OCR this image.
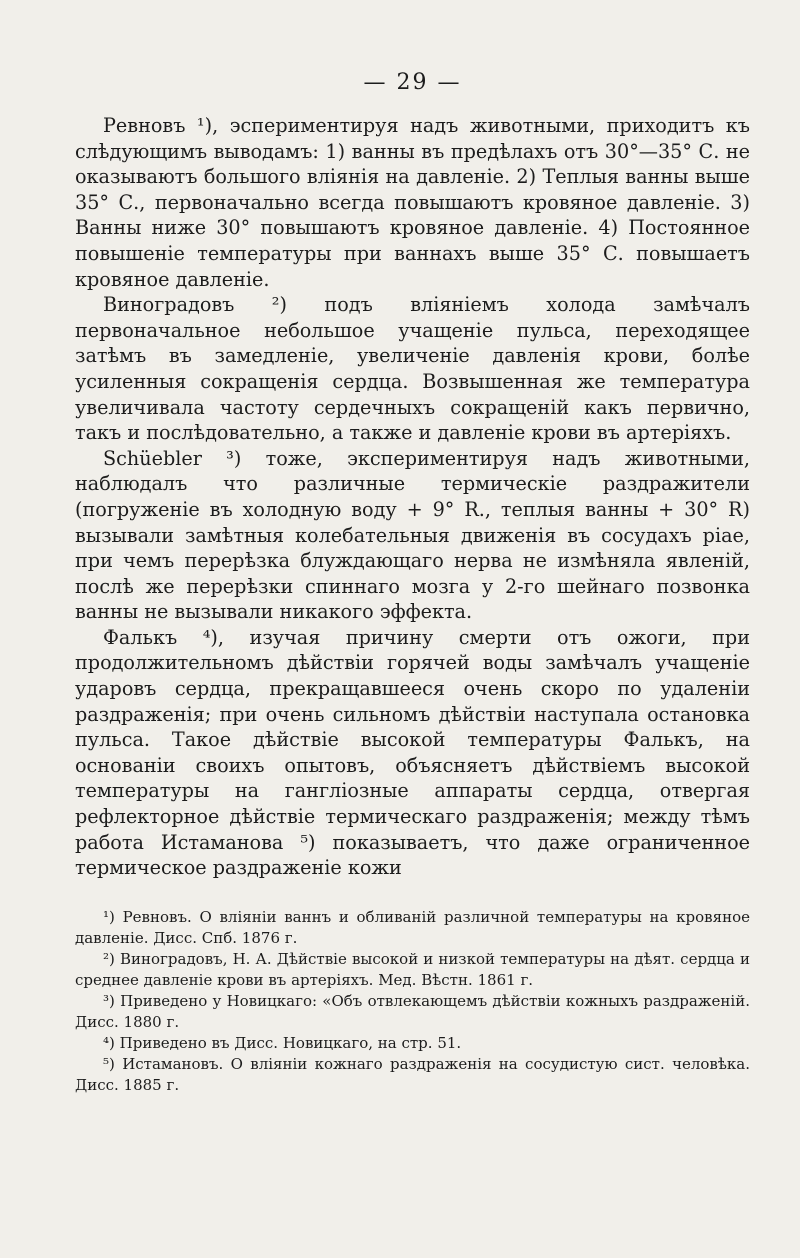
— 29 —

Ревновъ ¹), эспериментируя надъ животными, приходитъ къ слѣдующимъ выводамъ: 1) ванны въ предѣлахъ отъ 30°—35° С. не оказываютъ большого вліянія на давленіе. 2) Теплыя ванны выше 35° С., первоначально всегда повышаютъ кровяное давленіе. 3) Ванны ниже 30° повышаютъ кровяное давленіе. 4) Постоянное повышеніе температуры при ваннахъ выше 35° С. повышаетъ кровяное давленіе.

Виноградовъ ²) подъ вліяніемъ холода замѣчалъ первоначальное небольшое учащеніе пульса, переходящее затѣмъ въ замедленіе, увеличеніе давленія крови, болѣе усиленныя сокращенія сердца. Возвышенная же температура увеличивала частоту сердечныхъ сокращеній какъ первично, такъ и послѣдовательно, а также и давленіе крови въ артеріяхъ.

Schüeblеr ³) тоже, экспериментируя надъ животными, наблюдалъ что различные термическіе раздражители (погруженіе въ холодную воду + 9° R., теплыя ванны + 30° R) вызывали замѣтныя колебательныя движенія въ сосудахъ ріае, при чемъ перерѣзка блуждающаго нерва не измѣняла явленій, послѣ же перерѣзки спиннаго мозга у 2-го шейнаго позвонка ванны не вызывали никакого эффекта.

Фалькъ ⁴), изучая причину смерти отъ ожоги, при продолжительномъ дѣйствіи горячей воды замѣчалъ учащеніе ударовъ сердца, прекращавшееся очень скоро по удаленіи раздраженія; при очень сильномъ дѣйствіи наступала остановка пульса. Такое дѣйствіе высокой температуры Фалькъ, на основаніи своихъ опытовъ, объясняетъ дѣйствіемъ высокой температуры на ганглiозные аппараты сердца, отвергая рефлекторное дѣйствіе термическаго раздраженія; между тѣмъ работа Истаманова ⁵) показываетъ, что даже ограниченное термическое раздраженіе кожи

¹) Ревновъ. О вліяніи ваннъ и обливаній различной температуры на кровяное давленіе. Дисс. Спб. 1876 г.

²) Виноградовъ, Н. А. Дѣйствіе высокой и низкой температуры на дѣят. сердца и среднее давленіе крови въ артеріяхъ. Мед. Вѣстн. 1861 г.

³) Приведено у Новицкаго: «Объ отвлекающемъ дѣйствіи кожныхъ раздраженій. Дисс. 1880 г.

⁴) Приведено въ Дисс. Новицкаго, на стр. 51.

⁵) Истамановъ. О вліяніи кожнаго раздраженія на сосудистую сист. человѣка. Дисс. 1885 г.
